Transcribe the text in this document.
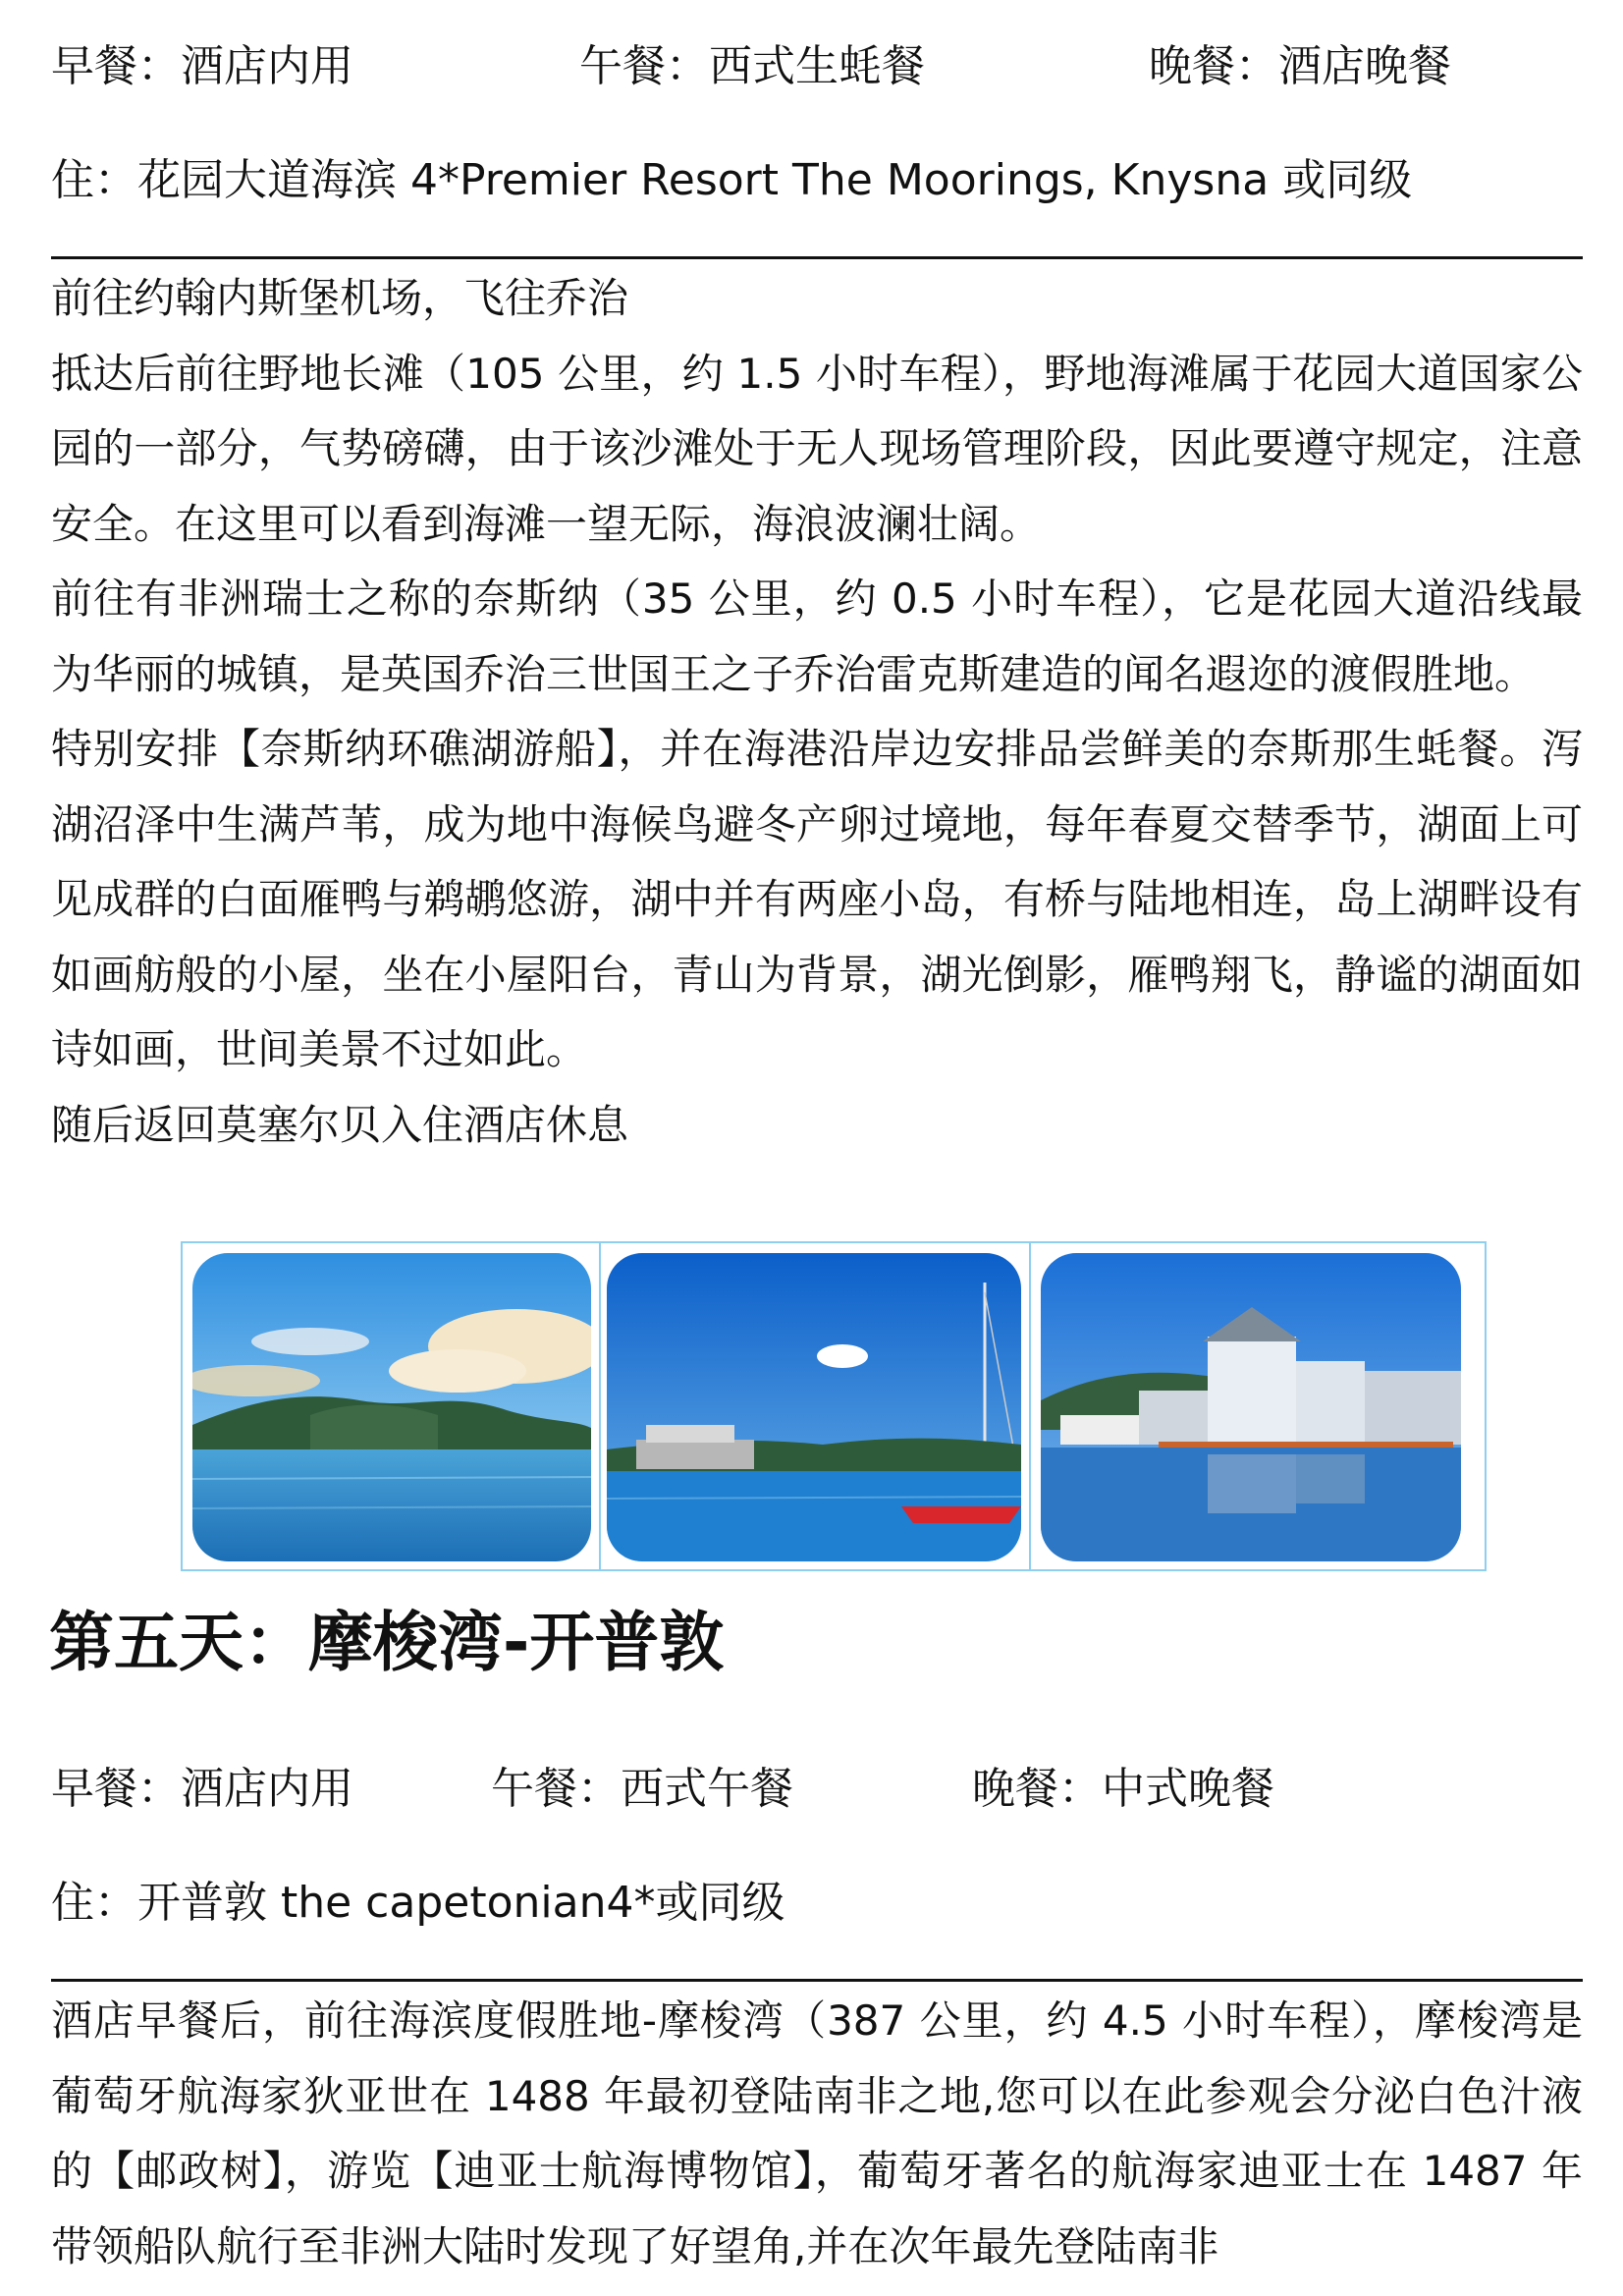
早餐：酒店内用	午餐：西式生蚝餐	晚餐：酒店晚餐
住：花园大道海滨 4*Premier Resort The Moorings, Knysna 或同级

前往约翰内斯堡机场，飞往乔治

抵达后前往野地长滩（105 公里，约 1.5 小时车程），野地海滩属于花园大道国家公园的一部分，气势磅礴，由于该沙滩处于无人现场管理阶段，因此要遵守规定，注意安全。在这里可以看到海滩一望无际，海浪波澜壮阔。

前往有非洲瑞士之称的奈斯纳（35 公里，约 0.5 小时车程），它是花园大道沿线最为华丽的城镇，是英国乔治三世国王之子乔治雷克斯建造的闻名遐迩的渡假胜地。

特别安排【奈斯纳环礁湖游船】，并在海港沿岸边安排品尝鲜美的奈斯那生蚝餐。泻湖沼泽中生满芦苇，成为地中海候鸟避冬产卵过境地，每年春夏交替季节，湖面上可见成群的白面雁鸭与鹈鹕悠游，湖中并有两座小岛，有桥与陆地相连，岛上湖畔设有如画舫般的小屋，坐在小屋阳台，青山为背景，湖光倒影，雁鸭翔飞，静谧的湖面如诗如画，世间美景不过如此。

随后返回莫塞尔贝入住酒店休息

第五天：摩梭湾-开普敦
早餐：酒店内用	午餐：西式午餐	晚餐：中式晚餐
住：开普敦 the capetonian4*或同级

酒店早餐后，前往海滨度假胜地-摩梭湾（387 公里，约 4.5 小时车程），摩梭湾是葡萄牙航海家狄亚世在 1488 年最初登陆南非之地,您可以在此参观会分泌白色汁液的【邮政树】，游览【迪亚士航海博物馆】，葡萄牙著名的航海家迪亚士在 1487 年带领船队航行至非洲大陆时发现了好望角,并在次年最先登陆南非
